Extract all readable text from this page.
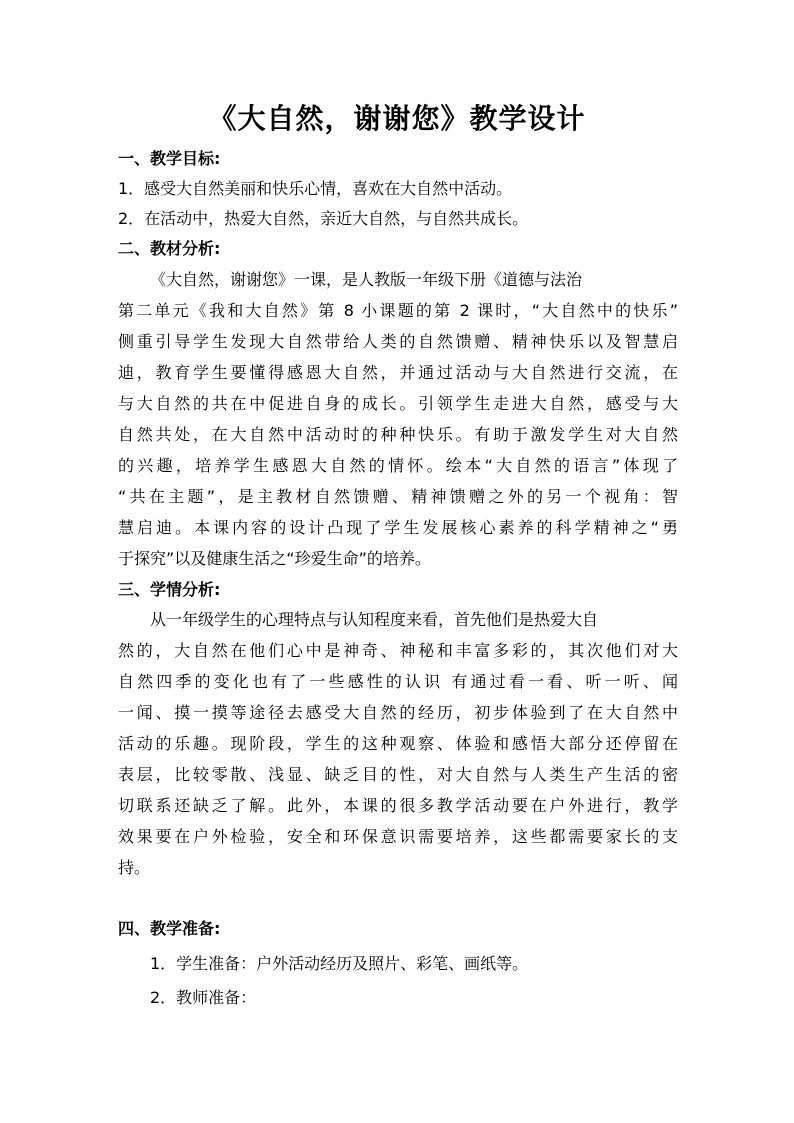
《大自然，谢谢您》教学设计
一、教学目标:
1．感受大自然美丽和快乐心情，喜欢在大自然中活动。
2．在活动中，热爱大自然，亲近大自然，与自然共成长。
二、教材分析:
《大自然，谢谢您》一课，是人教版一年级下册《道德与法治
第二单元《我和大自然》第 8 小课题的第 2 课时，“大自然中的快乐”
侧重引导学生发现大自然带给人类的自然馈赠、精神快乐以及智慧启
迪，教育学生要懂得感恩大自然，并通过活动与大自然进行交流，在
与大自然的共在中促进自身的成长。引领学生走进大自然，感受与大
自然共处，在大自然中活动时的种种快乐。有助于激发学生对大自然
的兴趣，培养学生感恩大自然的情怀。绘本“大自然的语言”体现了
“共在主题”，是主教材自然馈赠、精神馈赠之外的另一个视角：智
慧启迪。本课内容的设计凸现了学生发展核心素养的科学精神之“勇
于探究”以及健康生活之“珍爱生命”的培养。
三、学情分析:
从一年级学生的心理特点与认知程度来看，首先他们是热爱大自
然的，大自然在他们心中是神奇、神秘和丰富多彩的，其次他们对大
自然四季的变化也有了一些感性的认识 有通过看一看、听一听、闻
一闻、摸一摸等途径去感受大自然的经历，初步体验到了在大自然中
活动的乐趣。现阶段，学生的这种观察、体验和感悟大部分还停留在
表层，比较零散、浅显、缺乏目的性，对大自然与人类生产生活的密
切联系还缺乏了解。此外，本课的很多教学活动要在户外进行，教学
效果要在户外检验，安全和环保意识需要培养，这些都需要家长的支
持。
四、教学准备:
1．学生准备：户外活动经历及照片、彩笔、画纸等。
2．教师准备：
